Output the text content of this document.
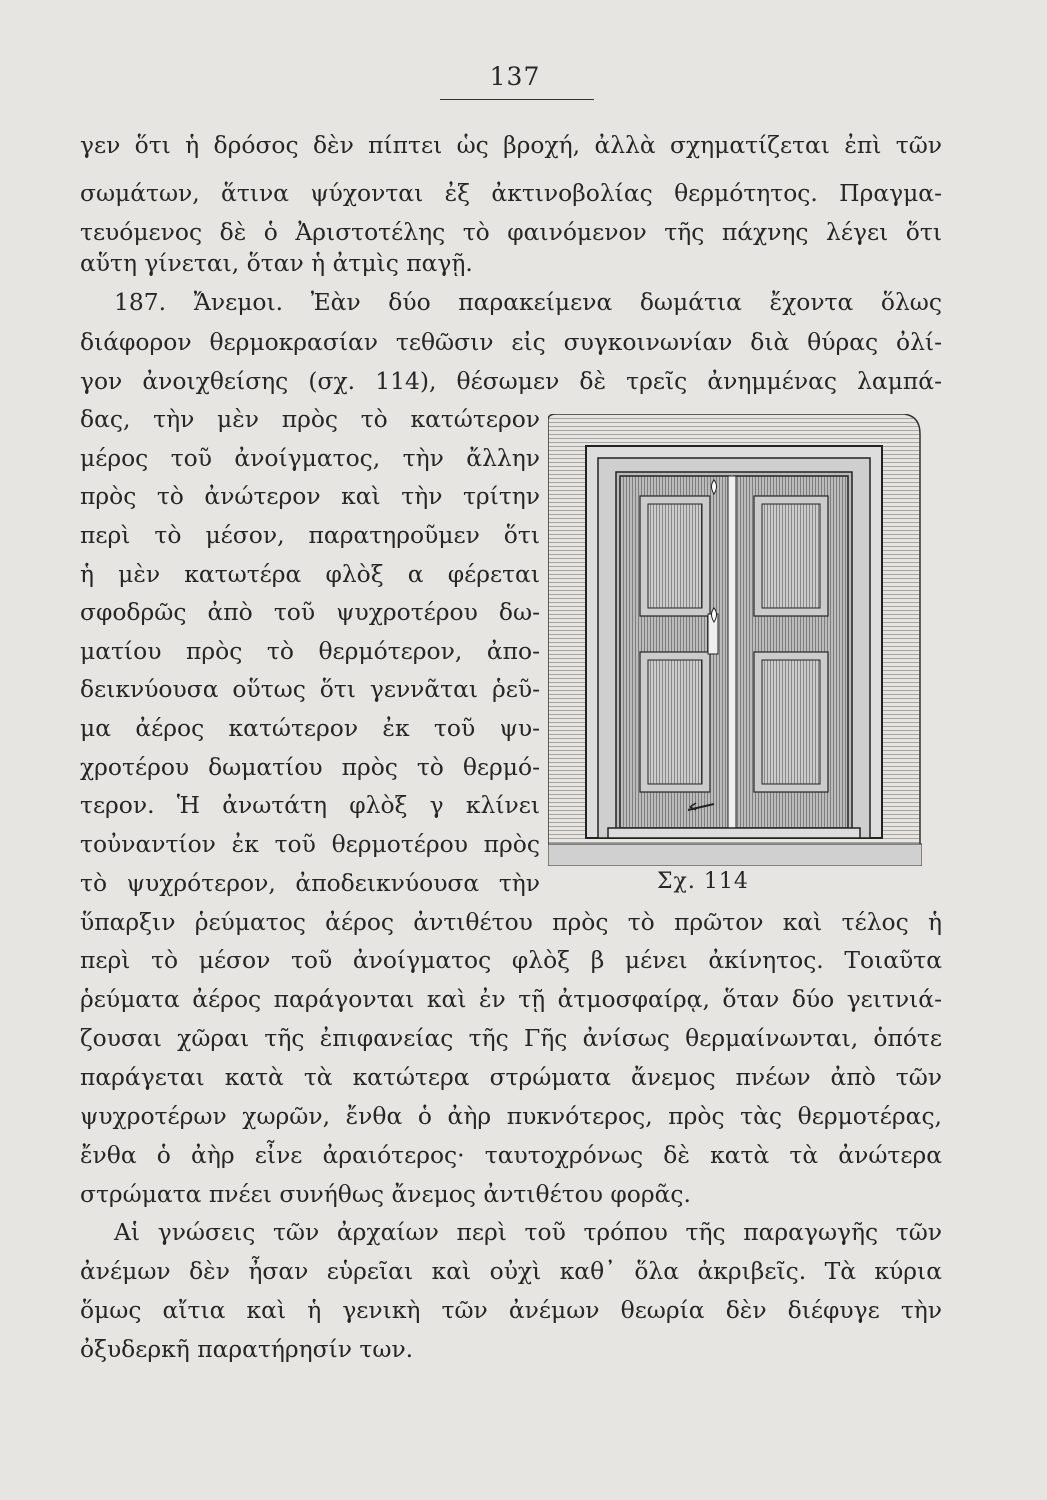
137
γεν ὅτι ἡ δρόσος δὲν πίπτει ὡς βροχή, ἀλλὰ σχηματίζεται ἐπὶ τῶν
σωμάτων, ἅτινα ψύχονται ἐξ ἀκτινοβολίας θερμότητος. Πραγμα-
τευόμενος δὲ ὁ Ἀριστοτέλης τὸ φαινόμενον τῆς πάχνης λέγει ὅτι
αὕτη γίνεται, ὅταν ἡ ἀτμὶς παγῇ.
187. Ἄνεμοι. Ἐὰν δύο παρακείμενα δωμάτια ἔχοντα ὅλως
διάφορον θερμοκρασίαν τεθῶσιν εἰς συγκοινωνίαν διὰ θύρας ὀλί-
γον ἀνοιχθείσης (σχ. 114), θέσωμεν δὲ τρεῖς ἀνημμένας λαμπά-
δας, τὴν μὲν πρὸς τὸ κατώτερον
μέρος τοῦ ἀνοίγματος, τὴν ἄλλην
πρὸς τὸ ἀνώτερον καὶ τὴν τρίτην
περὶ τὸ μέσον, παρατηροῦμεν ὅτι
ἡ μὲν κατωτέρα φλὸξ α φέρεται
σφοδρῶς ἀπὸ τοῦ ψυχροτέρου δω-
ματίου πρὸς τὸ θερμότερον, ἀπο-
δεικνύουσα οὕτως ὅτι γεννᾶται ῥεῦ-
μα ἀέρος κατώτερον ἐκ τοῦ ψυ-
χροτέρου δωματίου πρὸς τὸ θερμό-
τερον. Ἡ ἀνωτάτη φλὸξ γ κλίνει
τοὐναντίον ἐκ τοῦ θερμοτέρου πρὸς
τὸ ψυχρότερον, ἀποδεικνύουσα τὴν	Σχ. 114
ὕπαρξιν ῥεύματος ἀέρος ἀντιθέτου πρὸς τὸ πρῶτον καὶ τέλος ἡ
περὶ τὸ μέσον τοῦ ἀνοίγματος φλὸξ β μένει ἀκίνητος. Τοιαῦτα
ῥεύματα ἀέρος παράγονται καὶ ἐν τῇ ἀτμοσφαίρᾳ, ὅταν δύο γειτνιά-
ζουσαι χῶραι τῆς ἐπιφανείας τῆς Γῆς ἀνίσως θερμαίνωνται, ὁπότε
παράγεται κατὰ τὰ κατώτερα στρώματα ἄνεμος πνέων ἀπὸ τῶν
ψυχροτέρων χωρῶν, ἔνθα ὁ ἀὴρ πυκνότερος, πρὸς τὰς θερμοτέρας,
ἔνθα ὁ ἀὴρ εἶνε ἀραιότερος· ταυτοχρόνως δὲ κατὰ τὰ ἀνώτερα
στρώματα πνέει συνήθως ἄνεμος ἀντιθέτου φορᾶς.
Αἱ γνώσεις τῶν ἀρχαίων περὶ τοῦ τρόπου τῆς παραγωγῆς τῶν
ἀνέμων δὲν ἦσαν εὑρεῖαι καὶ οὐχὶ καθ᾽ ὅλα ἀκριβεῖς. Τὰ κύρια
ὅμως αἴτια καὶ ἡ γενικὴ τῶν ἀνέμων θεωρία δὲν διέφυγε τὴν
ὀξυδερκῆ παρατήρησίν των.
